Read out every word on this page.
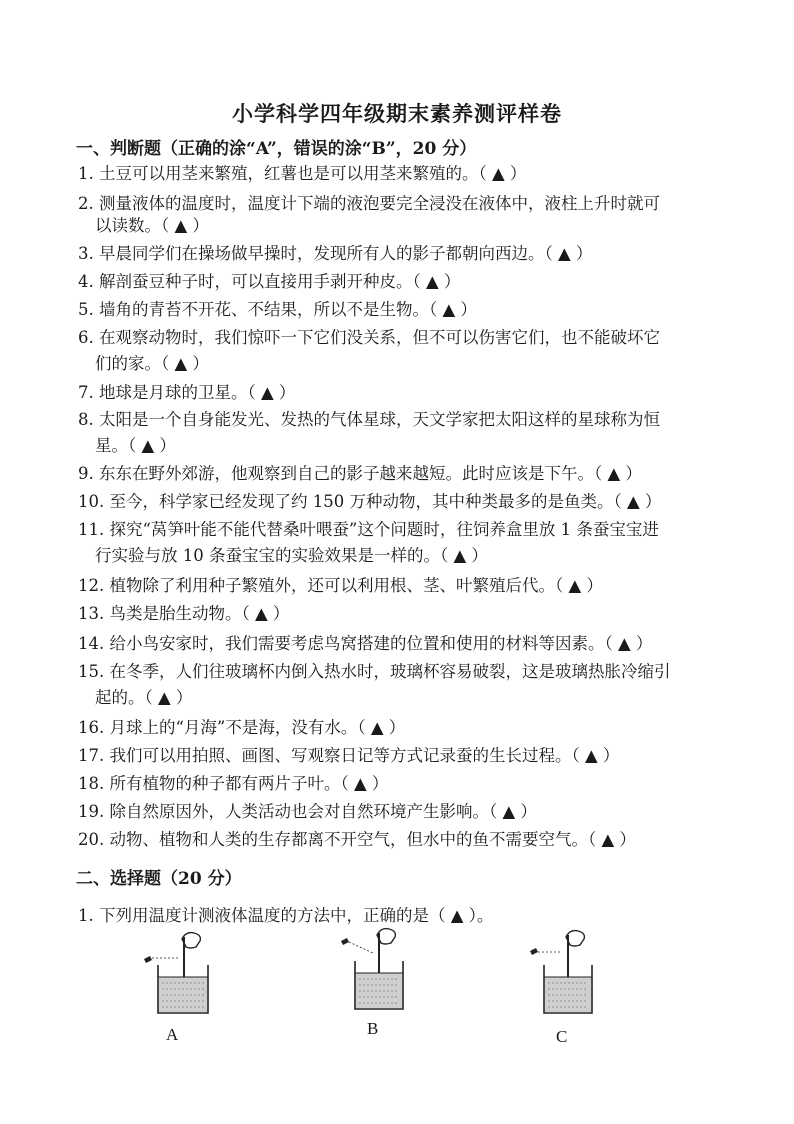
小学科学四年级期末素养测评样卷
一、判断题（正确的涂“A”，错误的涂“B”，20 分）
1. 土豆可以用茎来繁殖，红薯也是可以用茎来繁殖的。（ ▲ ）
2. 测量液体的温度时，温度计下端的液泡要完全浸没在液体中，液柱上升时就可
以读数。（ ▲ ）
3. 早晨同学们在操场做早操时，发现所有人的影子都朝向西边。（ ▲ ）
4. 解剖蚕豆种子时，可以直接用手剥开种皮。（ ▲ ）
5. 墙角的青苔不开花、不结果，所以不是生物。（ ▲ ）
6. 在观察动物时，我们惊吓一下它们没关系，但不可以伤害它们，也不能破坏它
们的家。（ ▲ ）
7. 地球是月球的卫星。（ ▲ ）
8. 太阳是一个自身能发光、发热的气体星球，天文学家把太阳这样的星球称为恒
星。（ ▲ ）
9. 东东在野外郊游，他观察到自己的影子越来越短。此时应该是下午。（ ▲ ）
10. 至今，科学家已经发现了约 150 万种动物，其中种类最多的是鱼类。（ ▲ ）
11. 探究“莴笋叶能不能代替桑叶喂蚕”这个问题时，往饲养盒里放 1 条蚕宝宝进
行实验与放 10 条蚕宝宝的实验效果是一样的。（ ▲ ）
12. 植物除了利用种子繁殖外，还可以利用根、茎、叶繁殖后代。（ ▲ ）
13. 鸟类是胎生动物。（ ▲ ）
14. 给小鸟安家时，我们需要考虑鸟窝搭建的位置和使用的材料等因素。（ ▲ ）
15. 在冬季，人们往玻璃杯内倒入热水时，玻璃杯容易破裂，这是玻璃热胀冷缩引
起的。（ ▲ ）
16. 月球上的“月海”不是海，没有水。（ ▲ ）
17. 我们可以用拍照、画图、写观察日记等方式记录蚕的生长过程。（ ▲ ）
18. 所有植物的种子都有两片子叶。（ ▲ ）
19. 除自然原因外，人类活动也会对自然环境产生影响。（ ▲ ）
20. 动物、植物和人类的生存都离不开空气，但水中的鱼不需要空气。（ ▲ ）
二、选择题（20 分）
1. 下列用温度计测液体温度的方法中，正确的是（ ▲ ）。
A	B	C
